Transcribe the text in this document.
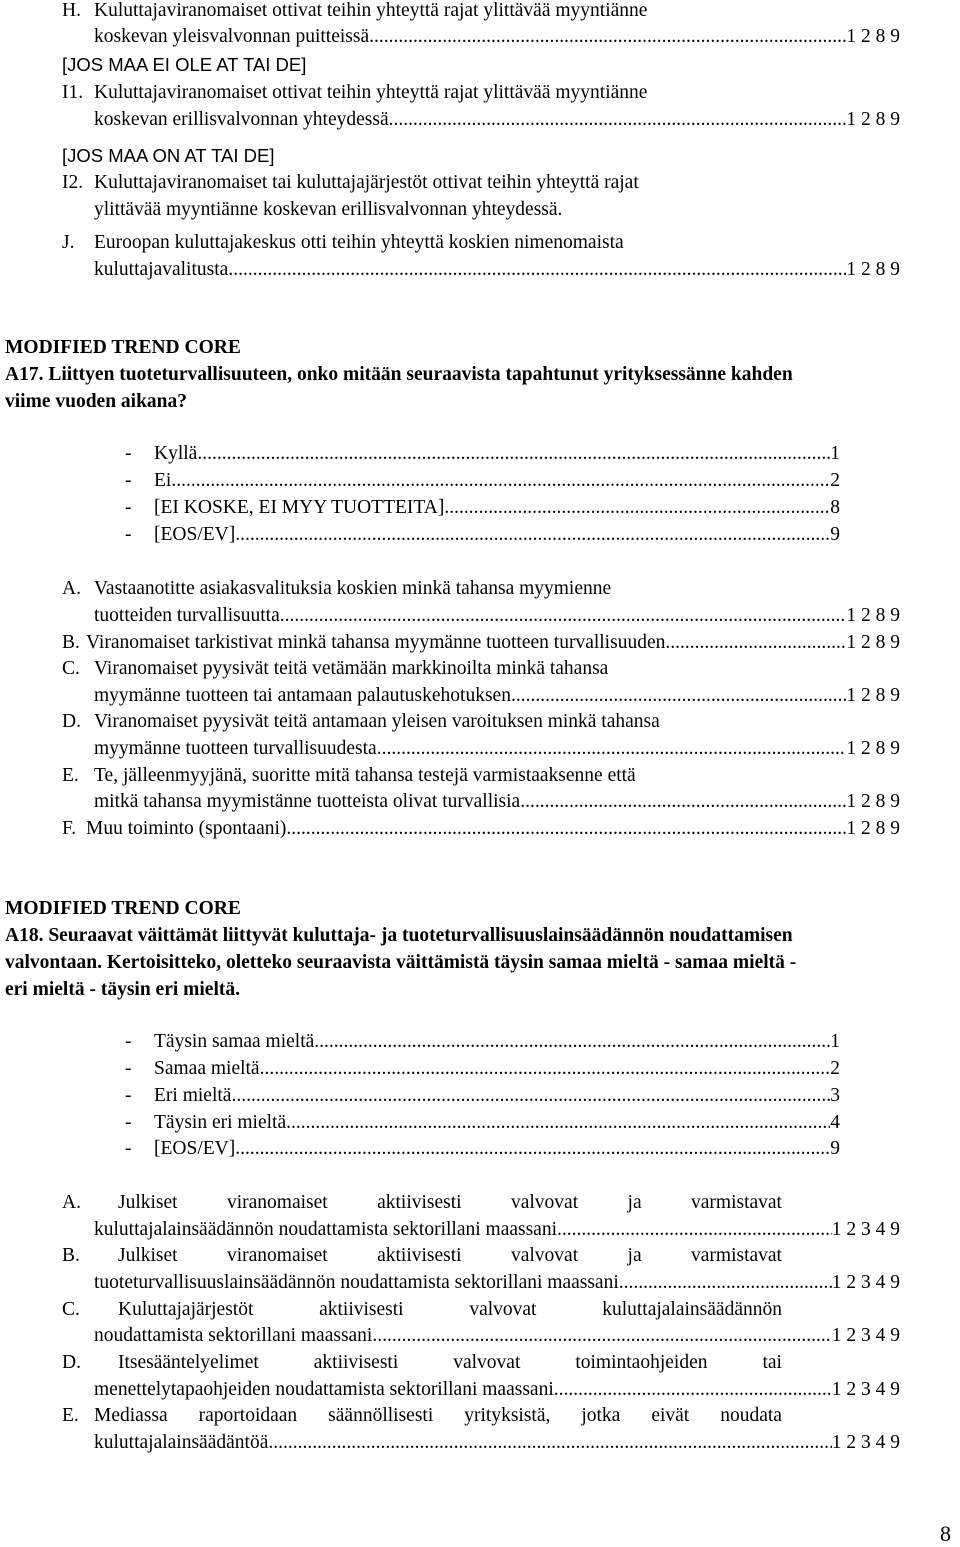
H. Kuluttajaviranomaiset ottivat teihin yhteyttä rajat ylittävää myyntiänne
koskevan yleisvalvonnan puitteissä. .....	1 2 8 9
[JOS MAA EI OLE AT TAI DE]
I1. Kuluttajaviranomaiset ottivat teihin yhteyttä rajat ylittävää myyntiänne
koskevan erillisvalvonnan yhteydessä. .....	1 2 8 9
[JOS MAA ON AT TAI DE]
I2. Kuluttajaviranomaiset tai kuluttajajärjestöt ottivat teihin yhteyttä rajat
ylittävää myyntiänne koskevan erillisvalvonnan yhteydessä.
J. Euroopan kuluttajakeskus otti teihin yhteyttä koskien nimenomaista
kuluttajavalitusta .....	1 2 8 9
MODIFIED TREND CORE
A17. Liittyen tuoteturvallisuuteen, onko mitään seuraavista tapahtunut yrityksessänne kahden
viime vuoden aikana?
- Kyllä .....	1
- Ei .....	2
- [EI KOSKE, EI MYY TUOTTEITA] .....	8
- [EOS/EV] .....	9
A. Vastaanotitte asiakasvalituksia koskien minkä tahansa myymienne
tuotteiden turvallisuutta .....	1 2 8 9
B. Viranomaiset tarkistivat minkä tahansa myymänne tuotteen turvallisuuden .....	1 2 8 9
C. Viranomaiset pyysivät teitä vetämään markkinoilta minkä tahansa
myymänne tuotteen tai antamaan palautuskehotuksen .....	1 2 8 9
D. Viranomaiset pyysivät teitä antamaan yleisen varoituksen minkä tahansa
myymänne tuotteen turvallisuudesta .....	1 2 8 9
E. Te, jälleenmyyjänä, suoritte mitä tahansa testejä varmistaaksenne että
mitkä tahansa myymistänne tuotteista olivat turvallisia .....	1 2 8 9
F. Muu toiminto (spontaani) .....	1 2 8 9
MODIFIED TREND CORE
A18. Seuraavat väittämät liittyvät kuluttaja- ja tuoteturvallisuuslainsäädännön noudattamisen
valvontaan. Kertoisitteko, oletteko seuraavista väittämistä täysin samaa mieltä - samaa mieltä -
eri mieltä - täysin eri mieltä.
- Täysin samaa mieltä .....	1
- Samaa mieltä .....	2
- Eri mieltä .....	3
- Täysin eri mieltä .....	4
- [EOS/EV] .....	9
A. Julkiset	viranomaiset	aktiivisesti	valvovat	ja	varmistavat
kuluttajalainsäädännön noudattamista sektorillani maassani. .....	1 2 3 4 9
B. Julkiset	viranomaiset	aktiivisesti	valvovat	ja	varmistavat
tuoteturvallisuuslainsäädännön noudattamista sektorillani maassani. .....	1 2 3 4 9
C. Kuluttajajärjestöt	aktiivisesti	valvovat	kuluttajalainsäädännön
noudattamista sektorillani maassani .....	1 2 3 4 9
D. Itsesääntelyelimet	aktiivisesti	valvovat	toimintaohjeiden	tai
menettelytapaohjeiden noudattamista sektorillani maassani. .....	1 2 3 4 9
E. Mediassa raportoidaan säännöllisesti yrityksistä, jotka eivät noudata
kuluttajalainsäädäntöä. .....	1 2 3 4 9
8
